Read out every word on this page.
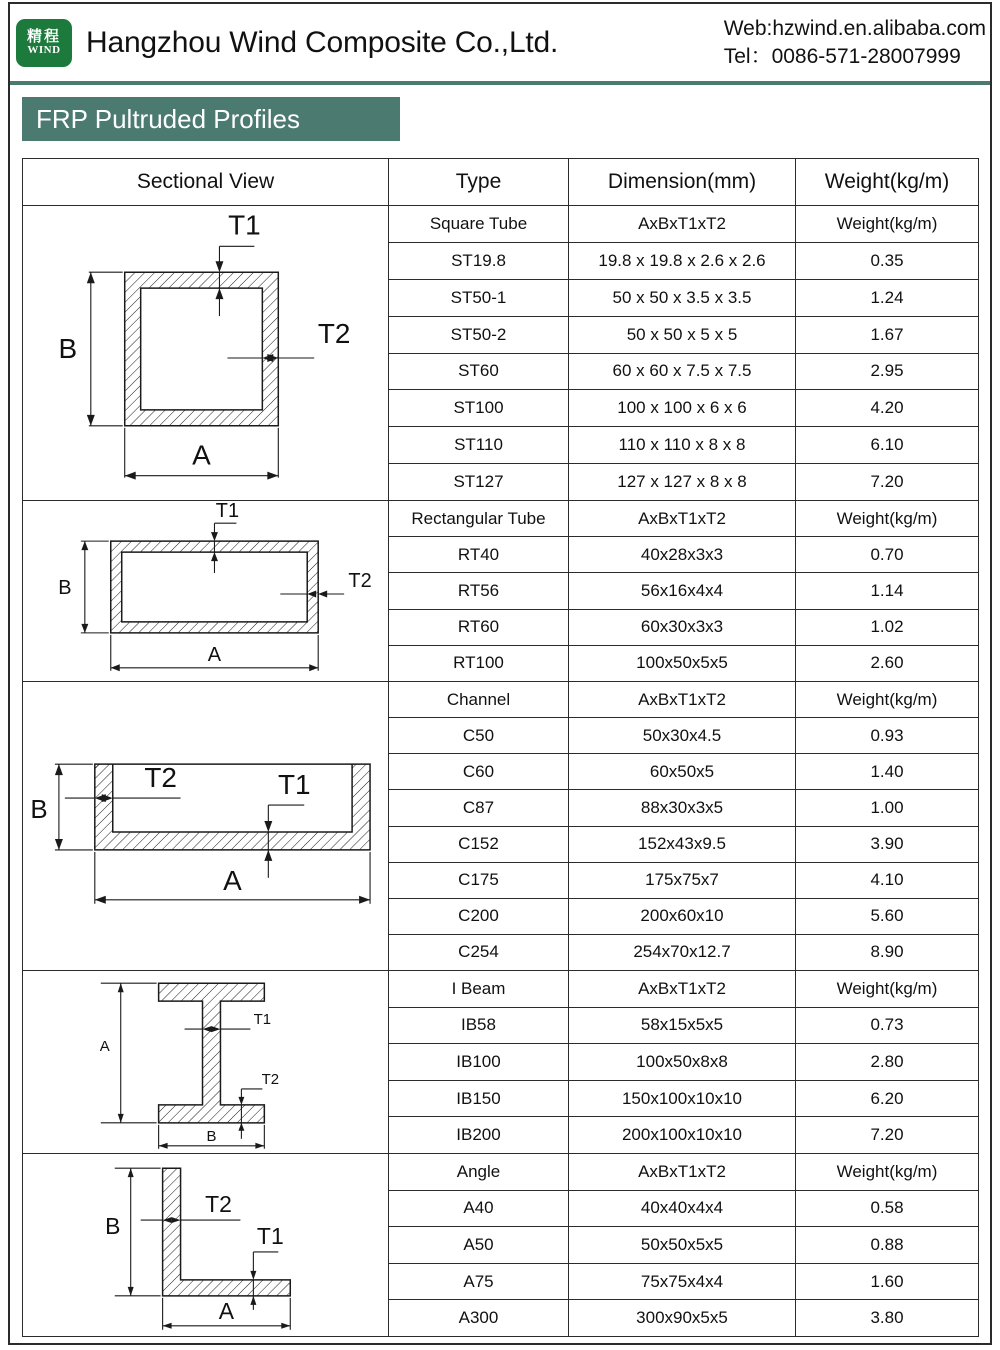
精程
WIND Hangzhou Wind Composite Co.,Ltd.	Web:hzwind.en.alibaba.com
Tel：0086-571-28007999
FRP Pultruded Profiles
Sectional View	Type	Dimension(mm)	Weight(kg/m)

B
A
T1
T2	Square Tube	AxBxT1xT2	Weight(kg/m)
	ST19.8	19.8 x 19.8 x 2.6 x 2.6	0.35
	ST50-1	50 x 50 x 3.5 x 3.5	1.24
	ST50-2	50 x 50 x 5 x 5	1.67
	ST60	60 x 60 x 7.5 x 7.5	2.95
	ST100	100 x 100 x 6 x 6	4.20
	ST110	110 x 110 x 8 x 8	6.10
	ST127	127 x 127 x 8 x 8	7.20

B
A
T1
T2	Rectangular Tube	AxBxT1xT2	Weight(kg/m)
	RT40	40x28x3x3	0.70
	RT56	56x16x4x4	1.14
	RT60	60x30x3x3	1.02
	RT100	100x50x5x5	2.60

B
A
T2 T1	Channel	AxBxT1xT2	Weight(kg/m)
	C50	50x30x4.5	0.93
	C60	60x50x5	1.40
	C87	88x30x3x5	1.00
	C152	152x43x9.5	3.90
	C175	175x75x7	4.10
	C200	200x60x10	5.60
	C254	254x70x12.7	8.90

A
B
T1
T2	I Beam	AxBxT1xT2	Weight(kg/m)
	IB58	58x15x5x5	0.73
	IB100	100x50x8x8	2.80
	IB150	150x100x10x10	6.20
	IB200	200x100x10x10	7.20

B
A
T2
T1	Angle	AxBxT1xT2	Weight(kg/m)
	A40	40x40x4x4	0.58
	A50	50x50x5x5	0.88
	A75	75x75x4x4	1.60
	A300	300x90x5x5	3.80
